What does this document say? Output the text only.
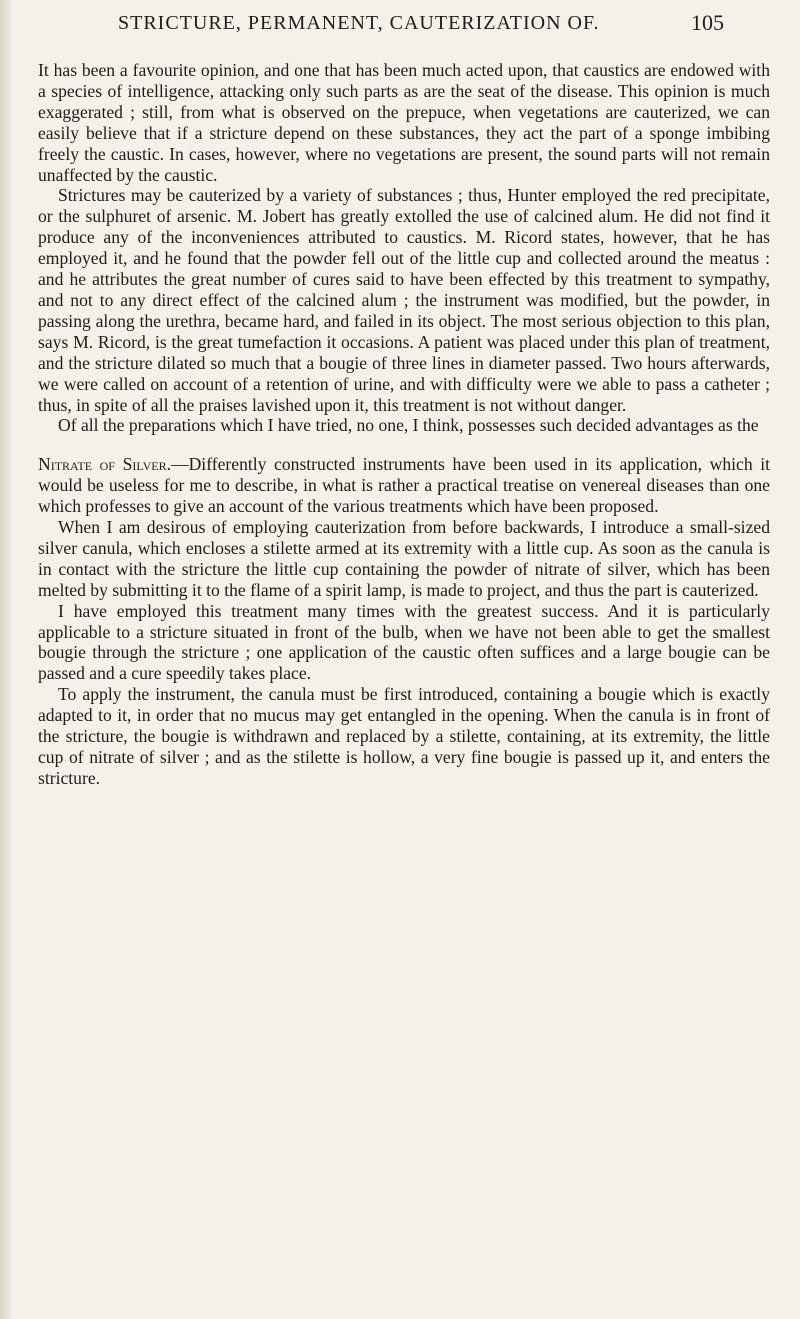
STRICTURE, PERMANENT, CAUTERIZATION OF.	105

It has been a favourite opinion, and one that has been much acted upon, that caustics are endowed with a species of intelligence, attacking only such parts as are the seat of the disease. This opinion is much exaggerated ; still, from what is observed on the prepuce, when vegetations are cauterized, we can easily believe that if a stricture depend on these substances, they act the part of a sponge imbibing freely the caustic. In cases, however, where no vegetations are present, the sound parts will not remain unaffected by the caustic.

Strictures may be cauterized by a variety of substances ; thus, Hunter employed the red precipitate, or the sulphuret of arsenic. M. Jobert has greatly extolled the use of calcined alum. He did not find it produce any of the inconveniences attributed to caustics. M. Ricord states, however, that he has employed it, and he found that the powder fell out of the little cup and collected around the meatus : and he attributes the great number of cures said to have been effected by this treatment to sympathy, and not to any direct effect of the calcined alum ; the instrument was modified, but the powder, in passing along the urethra, became hard, and failed in its object. The most serious objection to this plan, says M. Ricord, is the great tumefaction it occasions. A patient was placed under this plan of treatment, and the stricture dilated so much that a bougie of three lines in diameter passed. Two hours afterwards, we were called on account of a retention of urine, and with difficulty were we able to pass a catheter ; thus, in spite of all the praises lavished upon it, this treatment is not without danger.

Of all the preparations which I have tried, no one, I think, possesses such decided advantages as the

Nitrate of Silver.—Differently constructed instruments have been used in its application, which it would be useless for me to describe, in what is rather a practical treatise on venereal diseases than one which professes to give an account of the various treatments which have been proposed.

When I am desirous of employing cauterization from before backwards, I introduce a small-sized silver canula, which encloses a stilette armed at its extremity with a little cup. As soon as the canula is in contact with the stricture the little cup containing the powder of nitrate of silver, which has been melted by submitting it to the flame of a spirit lamp, is made to project, and thus the part is cauterized.

I have employed this treatment many times with the greatest success. And it is particularly applicable to a stricture situated in front of the bulb, when we have not been able to get the smallest bougie through the stricture ; one application of the caustic often suffices and a large bougie can be passed and a cure speedily takes place.

To apply the instrument, the canula must be first introduced, containing a bougie which is exactly adapted to it, in order that no mucus may get entangled in the opening. When the canula is in front of the stricture, the bougie is withdrawn and replaced by a stilette, containing, at its extremity, the little cup of nitrate of silver ; and as the stilette is hollow, a very fine bougie is passed up it, and enters the stricture.
